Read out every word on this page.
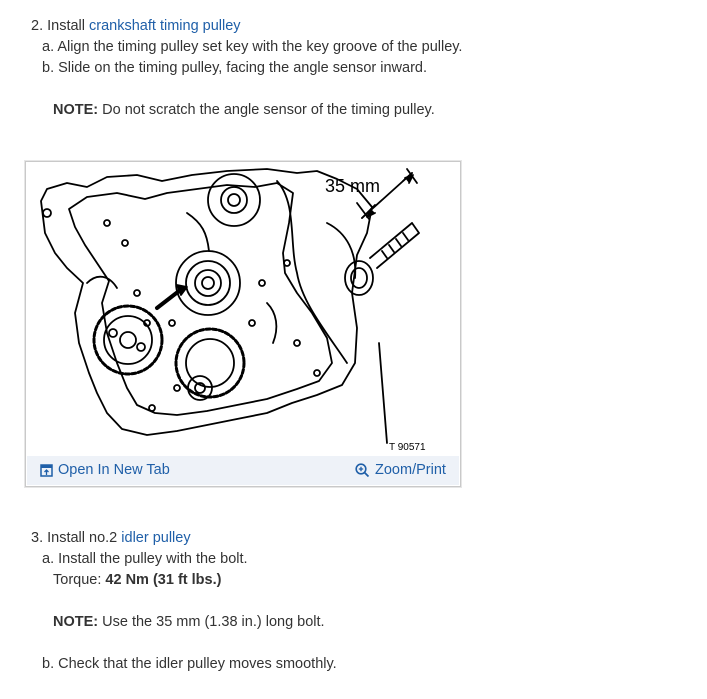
2. Install crankshaft timing pulley
a. Align the timing pulley set key with the key groove of the pulley.
b. Slide on the timing pulley, facing the angle sensor inward.
NOTE: Do not scratch the angle sensor of the timing pulley.
35 mm
T 90571
Open In New Tab	Zoom/Print
3. Install no.2 idler pulley
a. Install the pulley with the bolt.
Torque: 42 Nm (31 ft lbs.)
NOTE: Use the 35 mm (1.38 in.) long bolt.
b. Check that the idler pulley moves smoothly.
